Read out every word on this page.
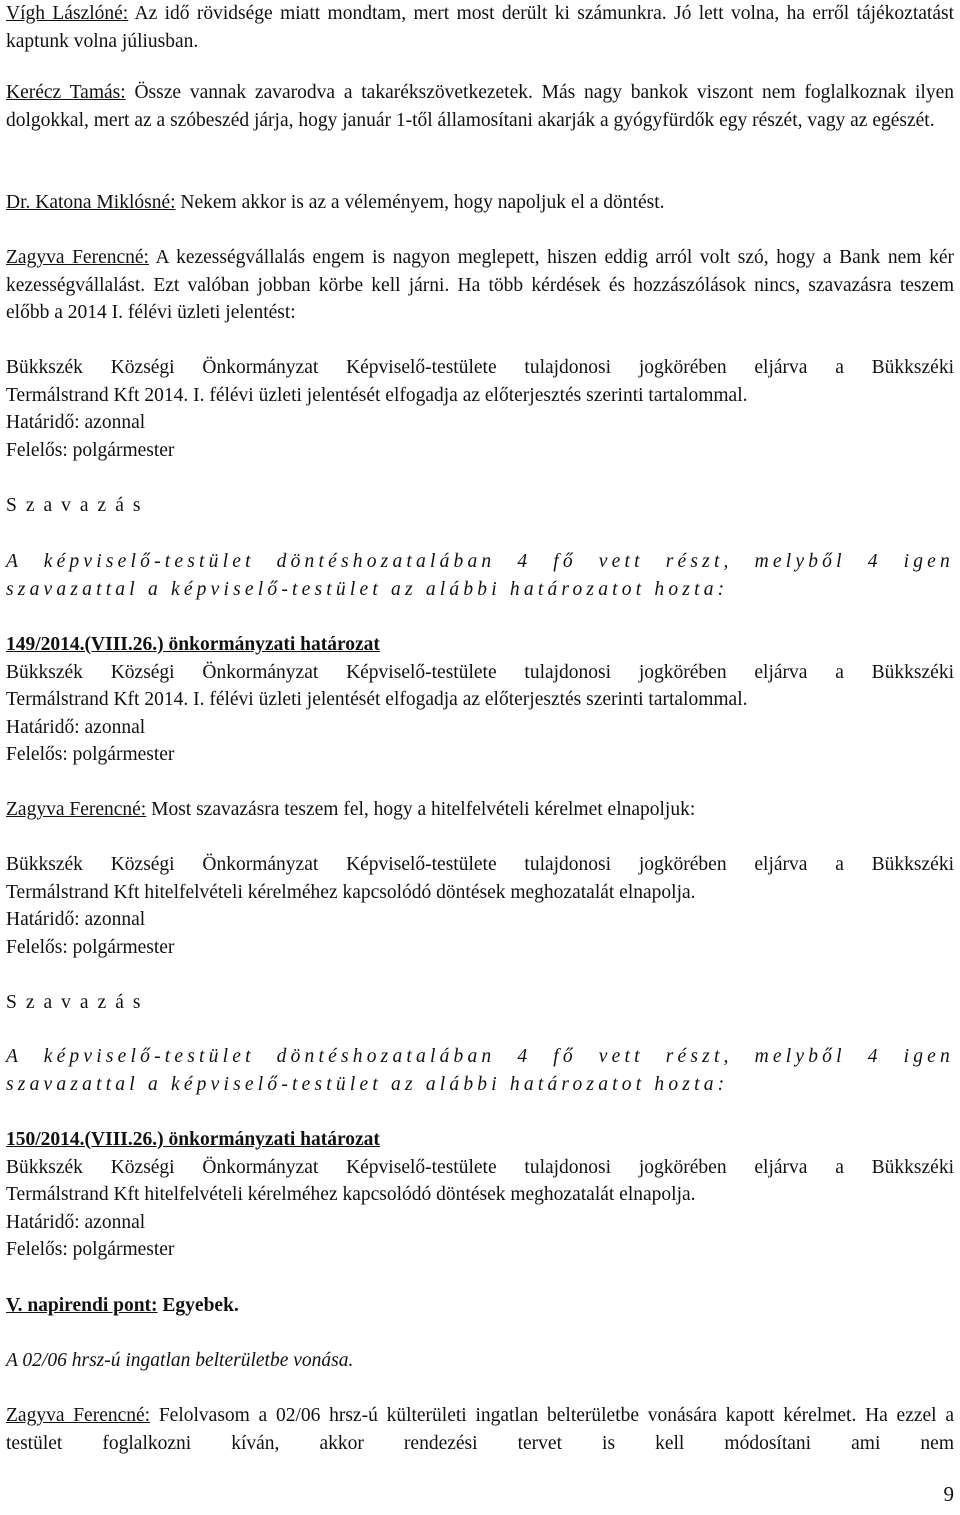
Vígh Lászlóné: Az idő rövidsége miatt mondtam, mert most derült ki számunkra. Jó lett volna, ha erről tájékoztatást kaptunk volna júliusban.

Kerécz Tamás: Össze vannak zavarodva a takarékszövetkezetek. Más nagy bankok viszont nem foglalkoznak ilyen dolgokkal, mert az a szóbeszéd járja, hogy január 1-től államosítani akarják a gyógyfürdők egy részét, vagy az egészét.

Dr. Katona Miklósné: Nekem akkor is az a véleményem, hogy napoljuk el a döntést.

Zagyva Ferencné: A kezességvállalás engem is nagyon meglepett, hiszen eddig arról volt szó, hogy a Bank nem kér kezességvállalást. Ezt valóban jobban körbe kell járni. Ha több kérdések és hozzászólások nincs, szavazásra teszem előbb a 2014 I. félévi üzleti jelentést:

Bükkszék Községi Önkormányzat Képviselő-testülete tulajdonosi jogkörében eljárva a Bükkszéki

Termálstrand Kft 2014. I. félévi üzleti jelentését elfogadja az előterjesztés szerinti tartalommal.

Határidő: azonnal

Felelős: polgármester

Szavazás

A képviselő-testület döntéshozatalában 4 fő vett részt, melyből 4 igen

szavazattal a képviselő-testület az alábbi határozatot hozta:

149/2014.(VIII.26.) önkormányzati határozat

Bükkszék Községi Önkormányzat Képviselő-testülete tulajdonosi jogkörében eljárva a Bükkszéki

Termálstrand Kft 2014. I. félévi üzleti jelentését elfogadja az előterjesztés szerinti tartalommal.

Határidő: azonnal

Felelős: polgármester

Zagyva Ferencné: Most szavazásra teszem fel, hogy a hitelfelvételi kérelmet elnapoljuk:

Bükkszék Községi Önkormányzat Képviselő-testülete tulajdonosi jogkörében eljárva a Bükkszéki

Termálstrand Kft hitelfelvételi kérelméhez kapcsolódó döntések meghozatalát elnapolja.

Határidő: azonnal

Felelős: polgármester

Szavazás

A képviselő-testület döntéshozatalában 4 fő vett részt, melyből 4 igen

szavazattal a képviselő-testület az alábbi határozatot hozta:

150/2014.(VIII.26.) önkormányzati határozat

Bükkszék Községi Önkormányzat Képviselő-testülete tulajdonosi jogkörében eljárva a Bükkszéki

Termálstrand Kft hitelfelvételi kérelméhez kapcsolódó döntések meghozatalát elnapolja.

Határidő: azonnal

Felelős: polgármester

V. napirendi pont: Egyebek.

A 02/06 hrsz-ú ingatlan belterületbe vonása.

Zagyva Ferencné: Felolvasom a 02/06 hrsz-ú külterületi ingatlan belterületbe vonására kapott kérelmet. Ha ezzel a testület foglalkozni kíván, akkor rendezési tervet is kell módosítani ami nem

9
